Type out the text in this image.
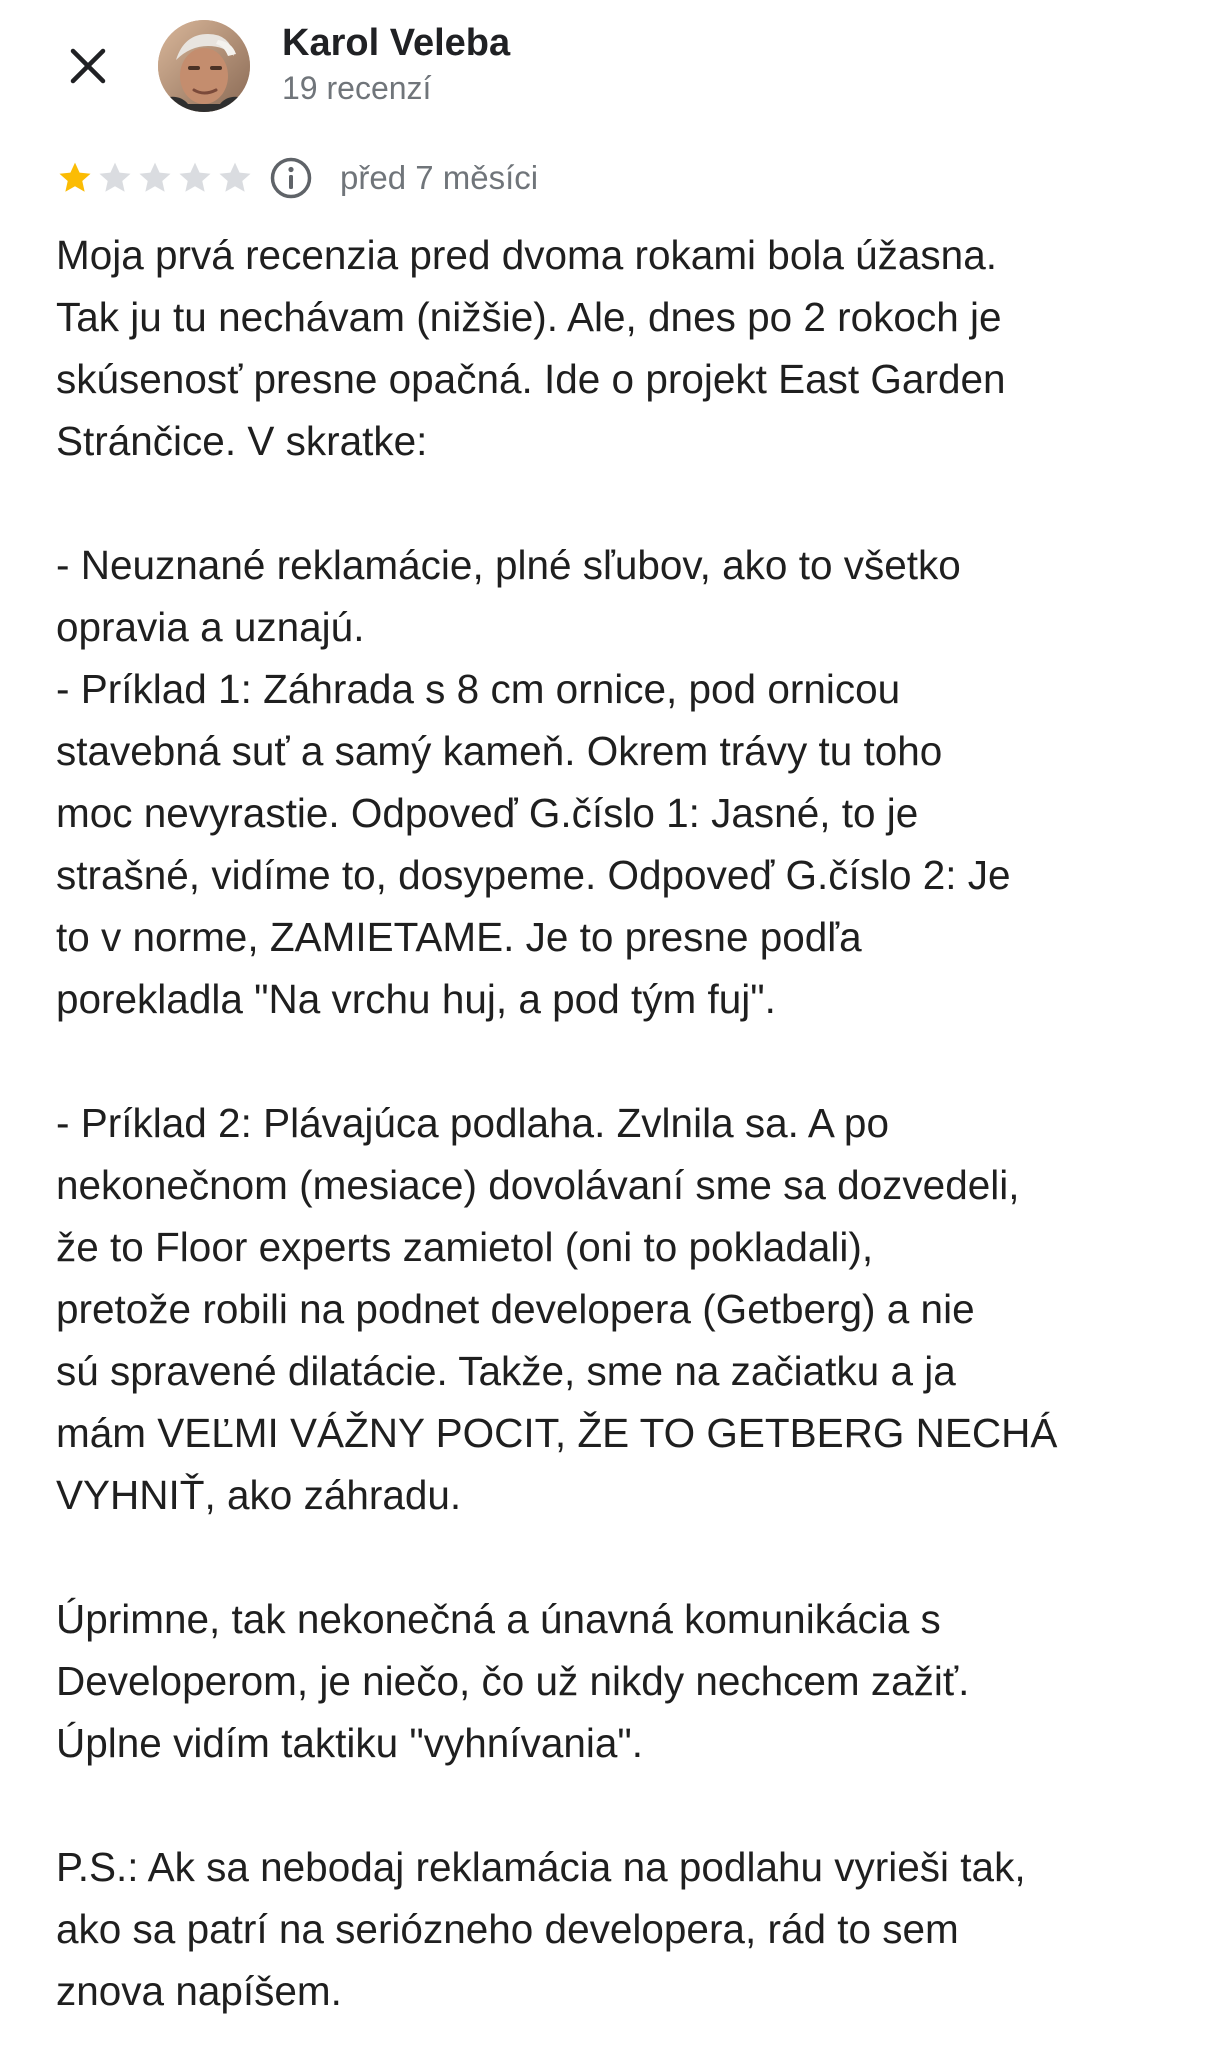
Karol Veleba
19 recenzí
před 7 měsíci

Moja prvá recenzia pred dvoma rokami bola úžasna.
Tak ju tu nechávam (nižšie). Ale, dnes po 2 rokoch je
skúsenosť presne opačná. Ide o projekt East Garden
Stránčice. V skratke:

- Neuznané reklamácie, plné sľubov, ako to všetko
opravia a uznajú.
- Príklad 1: Záhrada s 8 cm ornice, pod ornicou
stavebná suť a samý kameň. Okrem trávy tu toho
moc nevyrastie. Odpoveď G.číslo 1: Jasné, to je
strašné, vidíme to, dosypeme. Odpoveď G.číslo 2: Je
to v norme, ZAMIETAME. Je to presne podľa
porekladla "Na vrchu huj, a pod tým fuj".

- Príklad 2: Plávajúca podlaha. Zvlnila sa. A po
nekonečnom (mesiace) dovolávaní sme sa dozvedeli,
že to Floor experts zamietol (oni to pokladali),
pretože robili na podnet developera (Getberg) a nie
sú spravené dilatácie. Takže, sme na začiatku a ja
mám VEĽMI VÁŽNY POCIT, ŽE TO GETBERG NECHÁ
VYHNIŤ, ako záhradu.

Úprimne, tak nekonečná a únavná komunikácia s
Developerom, je niečo, čo už nikdy nechcem zažiť.
Úplne vidím taktiku "vyhnívania".

P.S.: Ak sa nebodaj reklamácia na podlahu vyrieši tak,
ako sa patrí na serióznehо developera, rád to sem
znova napíšem.
